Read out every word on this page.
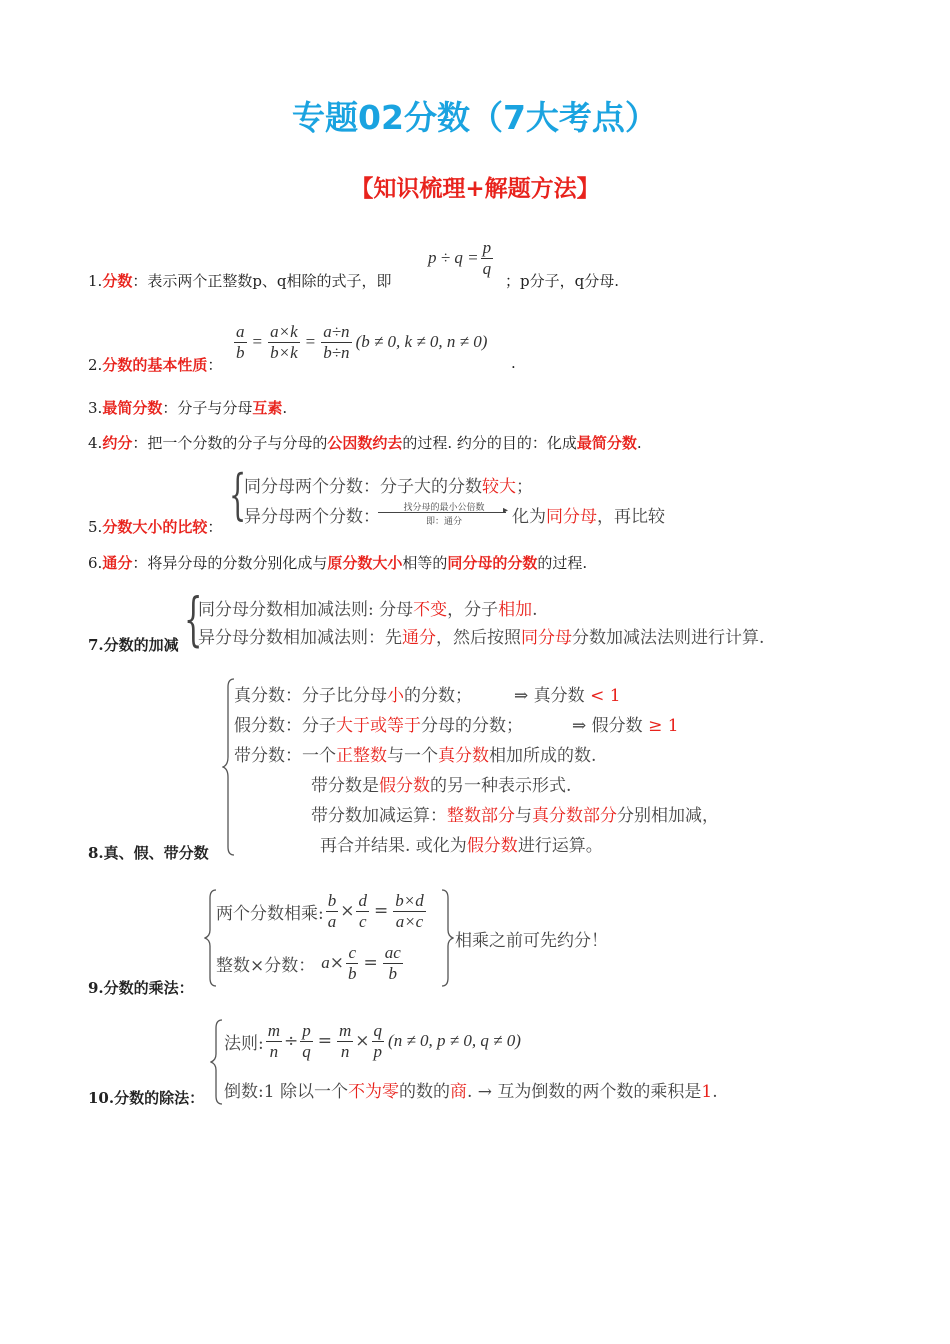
专题02分数（7大考点）
【知识梳理+解题方法】
1.分数：表示两个正整数p、q相除的式子，即
$p \div q = \frac{p}{q}$
；p分子，q分母.
$\frac{a}{b} = \frac{a\times k}{b\times k} = \frac{a\div n}{b\div n} (b \ne 0$, k ≠ 0, n ≠ 0)
2.分数的基本性质：	.
3.最简分数：分子与分母互素.
4.约分：把一个分数的分子与分母的公因数约去的过程. 约分的目的：化成最简分数.
{
同分母两个分数：分子大的分数较大；
异分母两个分数：	找分母的最小公倍数	▸
即：通分	化为同分母，再比较
5.分数大小的比较：
6.通分：将异分母的分数分别化成与原分数大小相等的同分母的分数的过程.
{
同分母分数相加减法则: 分母不变，分子相加.
异分母分数相加减法则：先通分，然后按照同分母分数加减法法则进行计算.
7.分数的加减
真分数：分子比分母小的分数； ⇒ 真分数 < 1
假分数：分子大于或等于分母的分数；	⇒ 假分数 ≥ 1
带分数：一个正整数与一个真分数相加所成的数.
带分数是假分数的另一种表示形式.
带分数加减运算：整数部分与真分数部分分别相加减，
再合并结果. 或化为假分数进行运算。
8.真、假、带分数
两个分数相乘: $\frac{b}{a} \times \frac{d}{c} = \frac{b\times d}{a\times c}$
整数×分数： $a \times \frac{c}{b} = \frac{ac}{b}$
相乘之前可先约分！
9.分数的乘法：
法则: $\frac{m}{n} \div \frac{p}{q} = \frac{m}{n} \times \frac{q}{p} (n \ne 0$, p ≠ 0, q ≠ 0)
倒数:1 除以一个不为零的数的商. → 互为倒数的两个数的乘积是1.
10.分数的除法：
